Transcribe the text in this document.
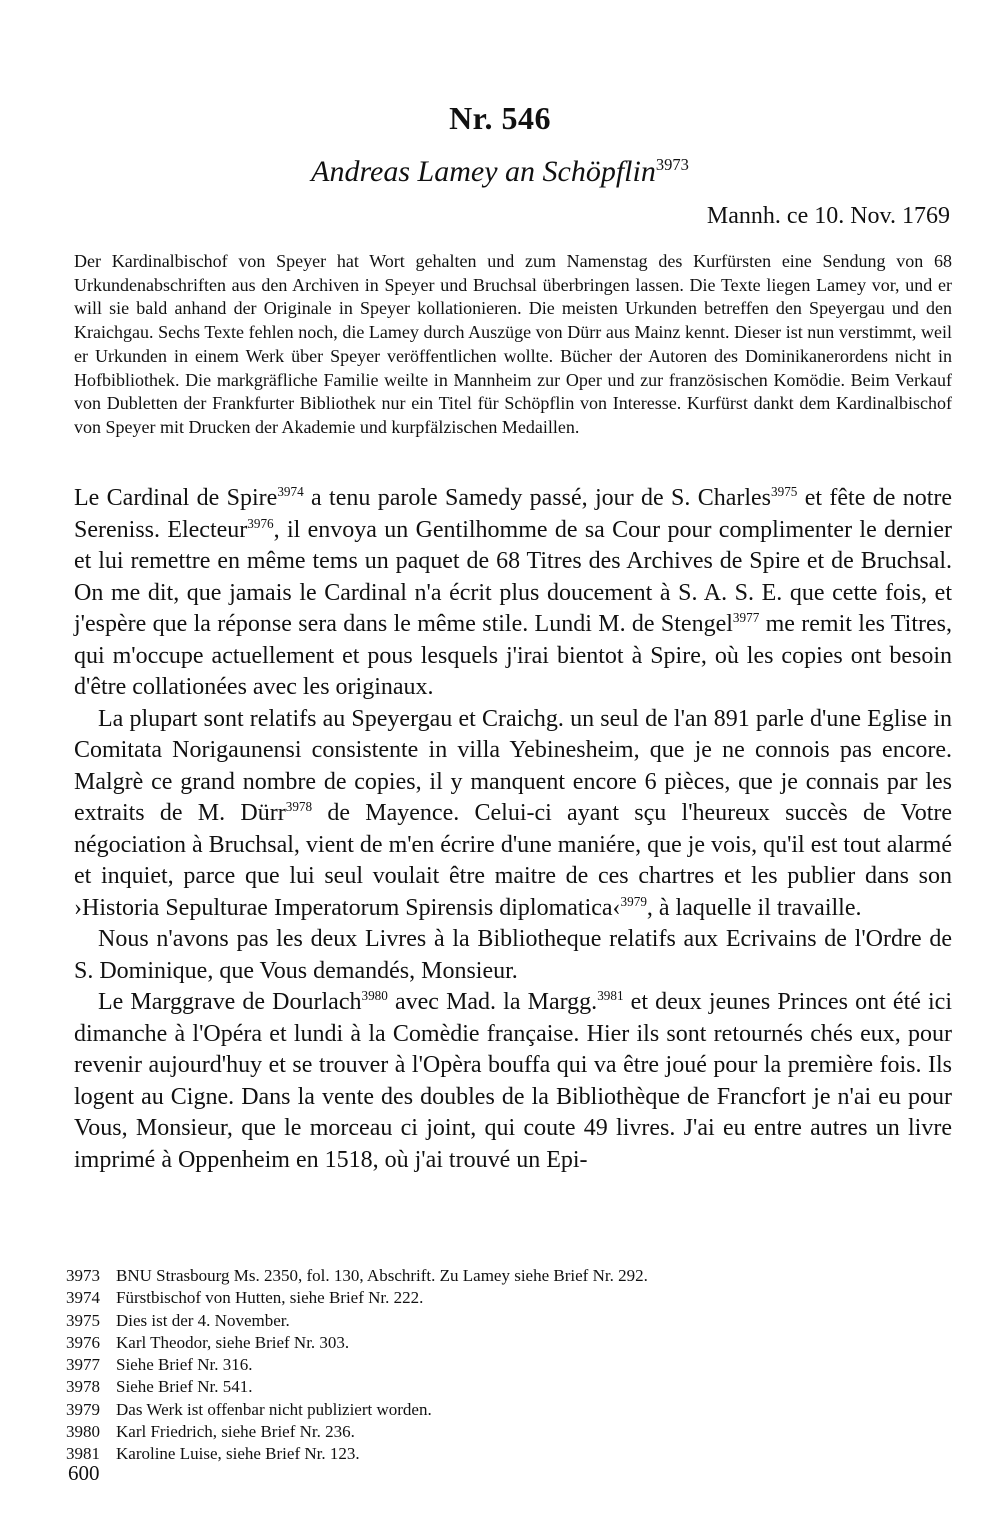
Nr. 546
Andreas Lamey an Schöpflin$^{3973}$
Mannh. ce 10. Nov. 1769

Der Kardinalbischof von Speyer hat Wort gehalten und zum Namenstag des Kurfürsten eine Sendung von 68 Urkundenabschriften aus den Archiven in Speyer und Bruchsal überbringen lassen. Die Texte liegen Lamey vor, und er will sie bald anhand der Originale in Speyer kollationieren. Die meisten Urkunden betreffen den Speyergau und den Kraichgau. Sechs Texte fehlen noch, die Lamey durch Auszüge von Dürr aus Mainz kennt. Dieser ist nun verstimmt, weil er Urkunden in einem Werk über Speyer veröffentlichen wollte. Bücher der Autoren des Dominikanerordens nicht in Hofbibliothek. Die markgräfliche Familie weilte in Mannheim zur Oper und zur französischen Komödie. Beim Verkauf von Dubletten der Frankfurter Bibliothek nur ein Titel für Schöpflin von Interesse. Kurfürst dankt dem Kardinalbischof von Speyer mit Drucken der Akademie und kurpfälzischen Medaillen.

Le Cardinal de Spire$^{3974}$ a tenu parole Samedy passé, jour de S. Charles$^{3975}$ et fête de notre Sereniss. Electeur$^{3976}$, il envoya un Gentilhomme de sa Cour pour complimenter le dernier et lui remettre en même tems un paquet de 68 Titres des Archives de Spire et de Bruchsal. On me dit, que jamais le Cardinal n'a écrit plus doucement à S. A. S. E. que cette fois, et j'espère que la réponse sera dans le même stile. Lundi M. de Stengel$^{3977}$ me remit les Titres, qui m'occupe actuellement et pous lesquels j'irai bientot à Spire, où les copies ont besoin d'être collationées avec les originaux.

La plupart sont relatifs au Speyergau et Craichg. un seul de l'an 891 parle d'une Eglise in Comitata Norigaunensi consistente in villa Yebinesheim, que je ne connois pas encore. Malgrè ce grand nombre de copies, il y manquent encore 6 pièces, que je connais par les extraits de M. Dürr$^{3978}$ de Mayence. Celui-ci ayant sçu l'heureux succès de Votre négociation à Bruchsal, vient de m'en écrire d'une maniére, que je vois, qu'il est tout alarmé et inquiet, parce que lui seul voulait être maitre de ces chartres et les publier dans son ›Historia Sepulturae Imperatorum Spirensis diplomatica‹$^{3979}$, à laquelle il travaille.

Nous n'avons pas les deux Livres à la Bibliotheque relatifs aux Ecrivains de l'Ordre de S. Dominique, que Vous demandés, Monsieur.

Le Marggrave de Dourlach$^{3980}$ avec Mad. la Margg.$^{3981}$ et deux jeunes Princes ont été ici dimanche à l'Opéra et lundi à la Comèdie française. Hier ils sont retournés chés eux, pour revenir aujourd'huy et se trouver à l'Opèra bouffa qui va être joué pour la première fois. Ils logent au Cigne. Dans la vente des doubles de la Bibliothèque de Francfort je n'ai eu pour Vous, Monsieur, que le morceau ci joint, qui coute 49 livres. J'ai eu entre autres un livre imprimé à Oppenheim en 1518, où j'ai trouvé un Epi-

3973 BNU Strasbourg Ms. 2350, fol. 130, Abschrift. Zu Lamey siehe Brief Nr. 292.
3974 Fürstbischof von Hutten, siehe Brief Nr. 222.
3975 Dies ist der 4. November.
3976 Karl Theodor, siehe Brief Nr. 303.
3977 Siehe Brief Nr. 316.
3978 Siehe Brief Nr. 541.
3979 Das Werk ist offenbar nicht publiziert worden.
3980 Karl Friedrich, siehe Brief Nr. 236.
3981 Karoline Luise, siehe Brief Nr. 123.
600
